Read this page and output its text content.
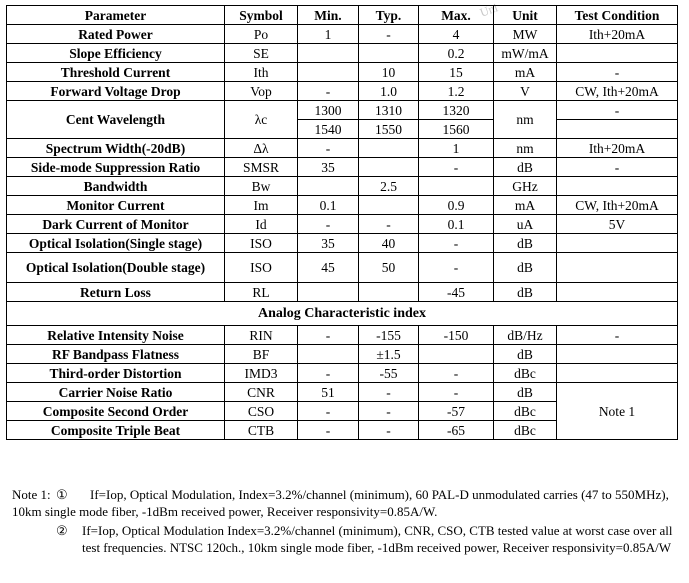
Uni
Parameter	Symbol	Min.	Typ.	Max.	Unit	Test Condition
Rated Power	Po	1	-	4	MW	Ith+20mA
Slope Efficiency	SE			0.2	mW/mA	
Threshold Current	Ith		10	15	mA	-
Forward Voltage Drop	Vop	-	1.0	1.2	V	CW, Ith+20mA
Cent Wavelength	λc	1300	1310	1320	nm	-
		1540	1550	1560		
Spectrum Width(-20dB)	Δλ	-		1	nm	Ith+20mA
Side-mode Suppression Ratio	SMSR	35		-	dB	-
Bandwidth	Bw		2.5		GHz	
Monitor Current	Im	0.1		0.9	mA	CW, Ith+20mA
Dark Current of Monitor	Id	-	-	0.1	uA	5V
Optical Isolation(Single stage)	ISO	35	40	-	dB	
Optical Isolation(Double stage)	ISO	45	50	-	dB	
Return Loss	RL			-45	dB	
Analog Characteristic index						
Relative Intensity Noise	RIN	-	-155	-150	dB/Hz	-
RF Bandpass Flatness	BF		±1.5		dB	
Third-order Distortion	IMD3	-	-55	-	dBc	
Carrier Noise Ratio	CNR	51	-	-	dB	Note 1
Composite Second Order	CSO	-	-	-57	dBc	
Composite Triple Beat	CTB	-	-	-65	dBc	
Note 1: ①	If=Iop, Optical Modulation, Index=3.2%/channel (minimum), 60 PAL-D unmodulated carries (47 to 550MHz), 10km single mode fiber, -1dBm received power, Receiver responsivity=0.85A/W.
②	If=Iop, Optical Modulation Index=3.2%/channel (minimum), CNR, CSO, CTB tested value at worst case over all test frequencies. NTSC 120ch., 10km single mode fiber, -1dBm received power, Receiver responsivity=0.85A/W
